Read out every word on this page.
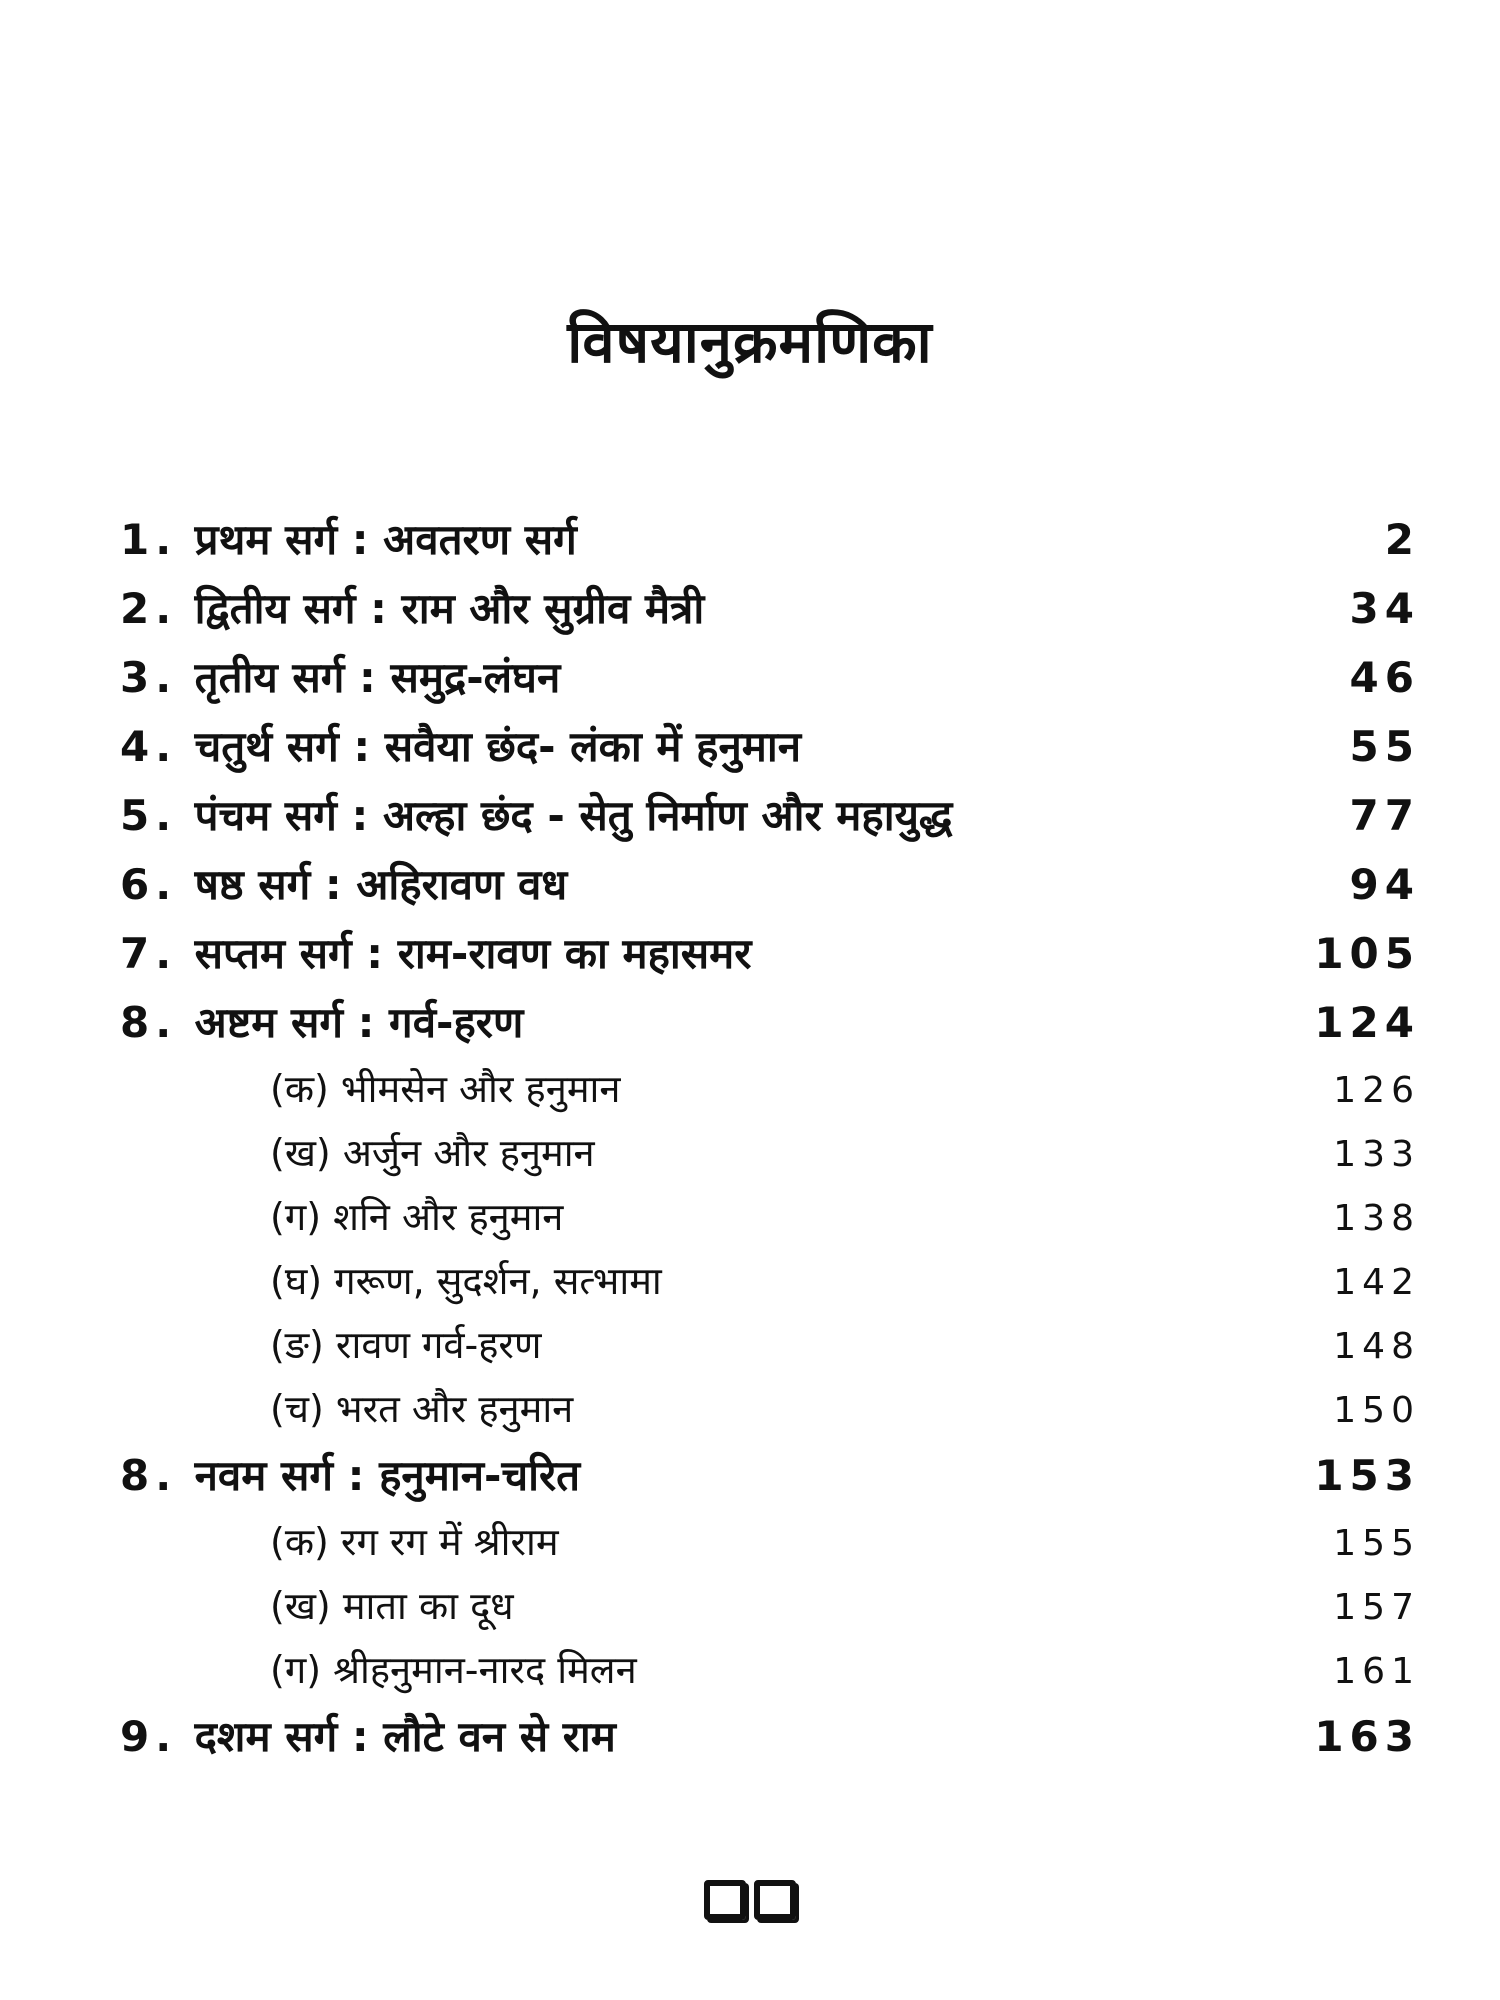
विषयानुक्रमणिका
1. प्रथम सर्ग : अवतरण सर्ग	2
2. द्वितीय सर्ग : राम और सुग्रीव मैत्री	34
3. तृतीय सर्ग : समुद्र-लंघन	46
4. चतुर्थ सर्ग : सवैया छंद- लंका में हनुमान	55
5. पंचम सर्ग : अल्हा छंद - सेतु निर्माण और महायुद्ध	77
6. षष्ठ सर्ग : अहिरावण वध	94
7. सप्तम सर्ग : राम-रावण का महासमर	105
8. अष्टम सर्ग : गर्व-हरण	124
(क) भीमसेन और हनुमान	126
(ख) अर्जुन और हनुमान	133
(ग) शनि और हनुमान	138
(घ) गरूण, सुदर्शन, सत्भामा	142
(ङ) रावण गर्व-हरण	148
(च) भरत और हनुमान	150
8. नवम सर्ग : हनुमान-चरित	153
(क) रग रग में श्रीराम	155
(ख) माता का दूध	157
(ग) श्रीहनुमान-नारद मिलन	161
9. दशम सर्ग : लौटे वन से राम	163
